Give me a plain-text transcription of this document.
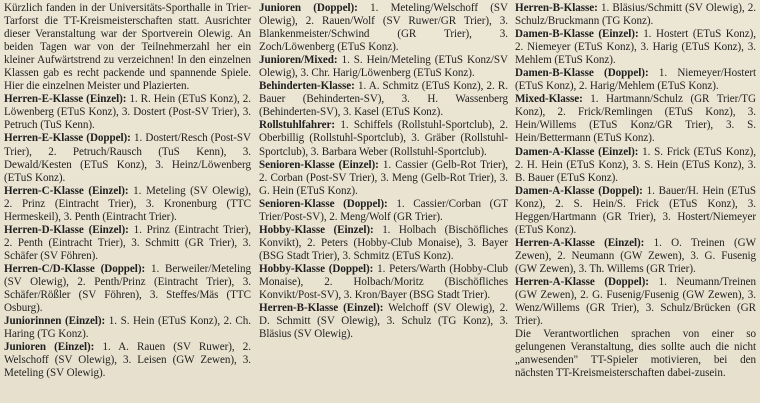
Kürzlich fanden in der Universitäts-Sporthalle in Trier-Tarforst die TT-Kreismeisterschaften statt. Ausrichter dieser Veranstaltung war der Sportverein Olewig. An beiden Tagen war von der Teilnehmerzahl her ein kleiner Aufwärtstrend zu verzeichnen! In den einzelnen Klassen gab es recht packende und spannende Spiele. Hier die einzelnen Meister und Plazierten.

Herren-E-Klasse (Einzel): 1. R. Hein (ETuS Konz), 2. Löwenberg (ETuS Konz), 3. Dostert (Post-SV Trier), 3. Petruch (TuS Kenn).

Herren-E-Klasse (Doppel): 1. Dostert/Resch (Post-SV Trier), 2. Petruch/Rausch (TuS Kenn), 3. Dewald/Kesten (ETuS Konz), 3. Heinz/Löwenberg (ETuS Konz).

Herren-C-Klasse (Einzel): 1. Meteling (SV Olewig), 2. Prinz (Eintracht Trier), 3. Kronenburg (TTC Hermeskeil), 3. Penth (Eintracht Trier).

Herren-D-Klasse (Einzel): 1. Prinz (Eintracht Trier), 2. Penth (Eintracht Trier), 3. Schmitt (GR Trier), 3. Schäfer (SV Föhren).

Herren-C/D-Klasse (Doppel): 1. Berweiler/Meteling (SV Olewig), 2. Penth/Prinz (Eintracht Trier), 3. Schäfer/Rößler (SV Föhren), 3. Steffes/Mäs (TTC Osburg).

Juniorinnen (Einzel): 1. S. Hein (ETuS Konz), 2. Ch. Haring (TG Konz).

Junioren (Einzel): 1. A. Rauen (SV Ruwer), 2. Welschoff (SV Olewig), 3. Leisen (GW Zewen), 3. Meteling (SV Olewig).

Junioren (Doppel): 1. Meteling/Welschoff (SV Olewig), 2. Rauen/Wolf (SV Ruwer/GR Trier), 3. Blankenmeister/Schwind (GR Trier), 3. Zoch/Löwenberg (ETuS Konz).

Junioren/Mixed: 1. S. Hein/Meteling (ETuS Konz/SV Olewig), 3. Chr. Harig/Löwenberg (ETuS Konz).

Behinderten-Klasse: 1. A. Schmitz (ETuS Konz), 2. R. Bauer (Behinderten-SV), 3. H. Wassenberg (Behinderten-SV), 3. Kasel (ETuS Konz).

Rollstuhlfahrer: 1. Schiffels (Rollstuhl-Sportclub), 2. Oberbillig (Rollstuhl-Sportclub), 3. Gräber (Rollstuhl-Sportclub), 3. Barbara Weber (Rollstuhl-Sportclub).

Senioren-Klasse (Einzel): 1. Cassier (Gelb-Rot Trier), 2. Corban (Post-SV Trier), 3. Meng (Gelb-Rot Trier), 3. G. Hein (ETuS Konz).

Senioren-Klasse (Doppel): 1. Cassier/Corban (GT Trier/Post-SV), 2. Meng/Wolf (GR Trier).

Hobby-Klasse (Einzel): 1. Holbach (Bischöfliches Konvikt), 2. Peters (Hobby-Club Monaise), 3. Bayer (BSG Stadt Trier), 3. Schmitz (ETuS Konz).

Hobby-Klasse (Doppel): 1. Peters/Warth (Hobby-Club Monaise), 2. Holbach/Moritz (Bischöfliches Konvikt/Post-SV), 3. Kron/Bayer (BSG Stadt Trier).

Herren-B-Klasse (Einzel): Welchoff (SV Olewig), 2. D. Schmitt (SV Olewig), 3. Schulz (TG Konz), 3. Bläsius (SV Olewig).

Herren-B-Klasse: 1. Bläsius/Schmitt (SV Olewig), 2. Schulz/Bruckmann (TG Konz).

Damen-B-Klasse (Einzel): 1. Hostert (ETuS Konz), 2. Niemeyer (ETuS Konz), 3. Harig (ETuS Konz), 3. Mehlem (ETuS Konz).

Damen-B-Klasse (Doppel): 1. Niemeyer/Hostert (ETuS Konz), 2. Harig/Mehlem (ETuS Konz).

Mixed-Klasse: 1. Hartmann/Schulz (GR Trier/TG Konz), 2. Frick/Remlingen (ETuS Konz), 3. Hein/Willems (ETuS Konz/GR Trier), 3. S. Hein/Bettermann (ETuS Konz).

Damen-A-Klasse (Einzel): 1. S. Frick (ETuS Konz), 2. H. Hein (ETuS Konz), 3. S. Hein (ETuS Konz), 3. B. Bauer (ETuS Konz).

Damen-A-Klasse (Doppel): 1. Bauer/H. Hein (ETuS Konz), 2. S. Hein/S. Frick (ETuS Konz), 3. Heggen/Hartmann (GR Trier), 3. Hostert/Niemeyer (ETuS Konz).

Herren-A-Klasse (Einzel): 1. O. Treinen (GW Zewen), 2. Neumann (GW Zewen), 3. G. Fusenig (GW Zewen), 3. Th. Willems (GR Trier).

Herren-A-Klasse (Doppel): 1. Neumann/Treinen (GW Zewen), 2. G. Fusenig/Fusenig (GW Zewen), 3. Wenz/Willems (GR Trier), 3. Schulz/Brücken (GR Trier).

Die Verantwortlichen sprachen von einer so gelungenen Veranstaltung, dies sollte auch die nicht „anwesenden" TT-Spieler motivieren, bei den nächsten TT-Kreismeisterschaften dabei-zusein.
